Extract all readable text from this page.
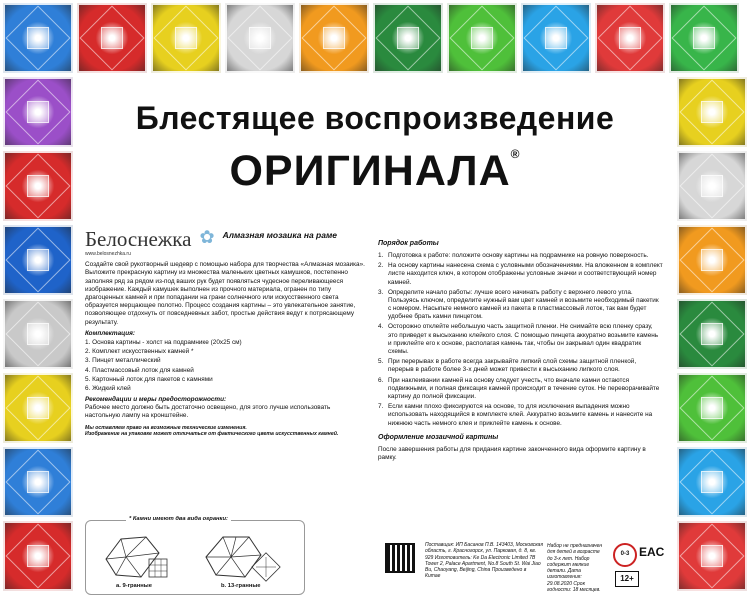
Блестящее воспроизведение
ОРИГИНАЛА®
Белоснежка
www.belosnezhka.ru
✿ Алмазная мозаика на раме
Создайте свой рукотворный шедевр с помощью набора для творчества «Алмазная мозаика». Выложите прекрасную картину из множества маленьких цветных камушков, постепенно заполняя ряд за рядом из-под ваших рук будет появляться чудесное переливающееся изображение. Каждый камушек выполнен из прочного материала, огранен по типу драгоценных камней и при попадании на грани солнечного или искусственного света образуется мерцающее полотно. Процесс создания картины – это увлекательное занятие, позволяющее отдохнуть от повседневных забот, простые действия ведут к потрясающему результату.
Комплектация:
1. Основа картины - холст на подрамнике (20х25 см)
2. Комплект искусственных камней *
3. Пинцет металлический
4. Пластмассовый лоток для камней
5. Картонный лоток для пакетов с камнями
6. Жидкий клей
Рекомендации и меры предосторожности:
Рабочее место должно быть достаточно освещено, для этого лучше использовать настольную лампу на кронштейне.
Мы оставляем право на возможные технические изменения.
Изображение на упаковке может отличаться от фактического цвета искусственных камней.
* Камни имеют два вида огранки:
a. 9-гранные	b. 13-гранные
Порядок работы
1. Подготовка к работе: положите основу картины на подрамнике на ровную поверхность.
2. На основу картины нанесена схема с условными обозначениями. На вложенном в комплект листе находится ключ, в котором отображены условные значки и соответствующий номер камней.
3. Определите начало работы: лучше всего начинать работу с верхнего левого угла. Пользуясь ключом, определите нужный вам цвет камней и возьмите необходимый пакетик с номером. Насыпьте немного камней из пакета в пластмассовый лоток, так вам будет удобнее брать камни пинцетом.
4. Осторожно отклейте небольшую часть защитной пленки. Не снимайте всю пленку сразу, это приведет к высыханию клейкого слоя. С помощью пинцета аккуратно возьмите камень и приклейте его к основе, располагая камень так, чтобы он закрывал один квадратик схемы.
5. При перерывах в работе всегда закрывайте липкий слой схемы защитной пленкой, перерыв в работе более 3-х дней может привести к высыханию липкого слоя.
6. При наклеивании камней на основу следует учесть, что вначале камни остаются подвижными, и полная фиксация камней происходит в течение суток. Не переворачивайте картину до полной фиксации.
7. Если камни плохо фиксируются на основе, то для исключения выпадения можно использовать находящийся в комплекте клей. Аккуратно возьмите камень и нанесите на нижнюю часть немного клея и приклейте камень к основе.
Оформление мозаичной картины
После завершения работы для придания картине законченного вида оформите картину в рамку.
Поставщик: ИП Басанов П.В. 143403, Московская область, г. Красногорск, ул. Парковая, д. 8, кв. 929 Изготовитель: Ke Da Electronic Limited 7B Tower 2, Palace Apartment, No.8 South St. Wai Jiao Bu, Chaoyang, Beijing, China Произведено в Китае
Набор не предназначен для детей в возрасте до 3-х лет. Набор содержит мелкие детали. Дата изготовления: 29.08.2020 Срок годности: 18 месяцев.
0-3 EAC
12+
